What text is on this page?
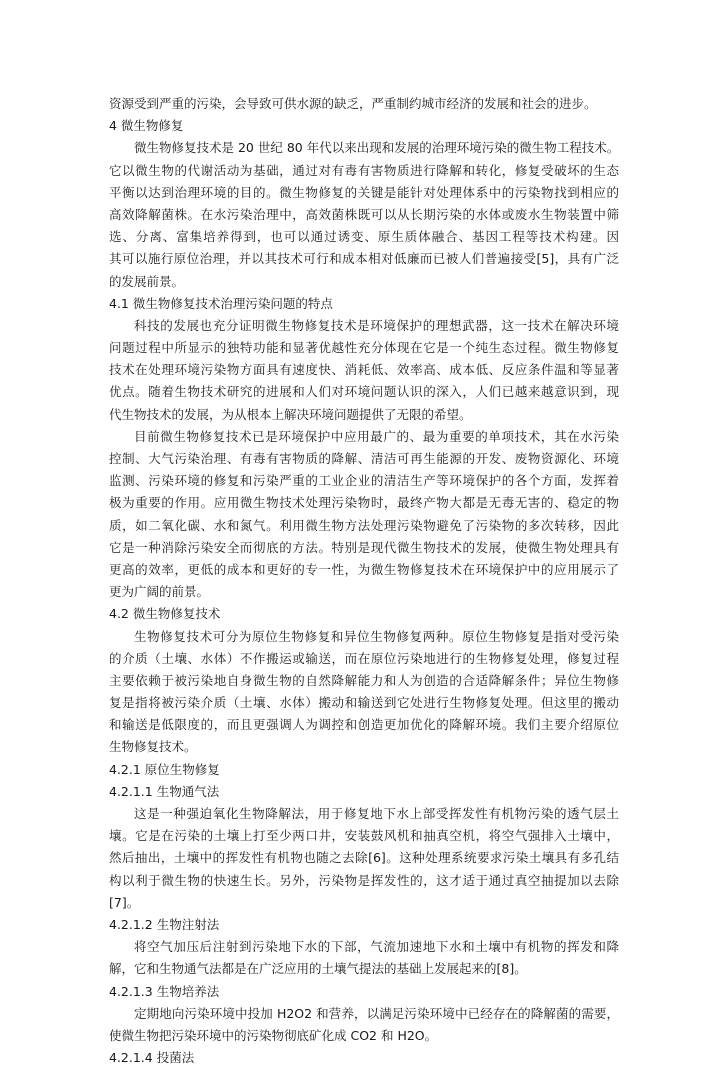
资源受到严重的污染，会导致可供水源的缺乏，严重制约城市经济的发展和社会的进步。
4 微生物修复
微生物修复技术是 20 世纪 80 年代以来出现和发展的治理环境污染的微生物工程技术。
它以微生物的代谢活动为基础，通过对有毒有害物质进行降解和转化，修复受破坏的生态
平衡以达到治理环境的目的。微生物修复的关键是能针对处理体系中的污染物找到相应的
高效降解菌株。在水污染治理中，高效菌株既可以从长期污染的水体或废水生物装置中筛
选、分离、富集培养得到，也可以通过诱变、原生质体融合、基因工程等技术构建。因
其可以施行原位治理，并以其技术可行和成本相对低廉而已被人们普遍接受[5]，具有广泛
的发展前景。
4.1 微生物修复技术治理污染问题的特点
科技的发展也充分证明微生物修复技术是环境保护的理想武器，这一技术在解决环境
问题过程中所显示的独特功能和显著优越性充分体现在它是一个纯生态过程。微生物修复
技术在处理环境污染物方面具有速度快、消耗低、效率高、成本低、反应条件温和等显著
优点。随着生物技术研究的进展和人们对环境问题认识的深入，人们已越来越意识到，现
代生物技术的发展，为从根本上解决环境问题提供了无限的希望。
目前微生物修复技术已是环境保护中应用最广的、最为重要的单项技术，其在水污染
控制、大气污染治理、有毒有害物质的降解、清洁可再生能源的开发、废物资源化、环境
监测、污染环境的修复和污染严重的工业企业的清洁生产等环境保护的各个方面，发挥着
极为重要的作用。应用微生物技术处理污染物时，最终产物大都是无毒无害的、稳定的物
质，如二氧化碳、水和氮气。利用微生物方法处理污染物避免了污染物的多次转移，因此
它是一种消除污染安全而彻底的方法。特别是现代微生物技术的发展，使微生物处理具有
更高的效率，更低的成本和更好的专一性，为微生物修复技术在环境保护中的应用展示了
更为广阔的前景。
4.2 微生物修复技术
生物修复技术可分为原位生物修复和异位生物修复两种。原位生物修复是指对受污染
的介质（土壤、水体）不作搬运或输送，而在原位污染地进行的生物修复处理，修复过程
主要依赖于被污染地自身微生物的自然降解能力和人为创造的合适降解条件；异位生物修
复是指将被污染介质（土壤、水体）搬动和输送到它处进行生物修复处理。但这里的搬动
和输送是低限度的，而且更强调人为调控和创造更加优化的降解环境。我们主要介绍原位
生物修复技术。
4.2.1 原位生物修复
4.2.1.1 生物通气法
这是一种强迫氧化生物降解法，用于修复地下水上部受挥发性有机物污染的透气层土
壤。它是在污染的土壤上打至少两口井，安装鼓风机和抽真空机，将空气强排入土壤中，
然后抽出，土壤中的挥发性有机物也随之去除[6]。这种处理系统要求污染土壤具有多孔结
构以利于微生物的快速生长。另外，污染物是挥发性的，这才适于通过真空抽提加以去除
[7]。
4.2.1.2 生物注射法
将空气加压后注射到污染地下水的下部，气流加速地下水和土壤中有机物的挥发和降
解，它和生物通气法都是在广泛应用的土壤气提法的基础上发展起来的[8]。
4.2.1.3 生物培养法
定期地向污染环境中投加 H2O2 和营养，以满足污染环境中已经存在的降解菌的需要，
使微生物把污染环境中的污染物彻底矿化成 CO2 和 H2O。
4.2.1.4 投菌法
